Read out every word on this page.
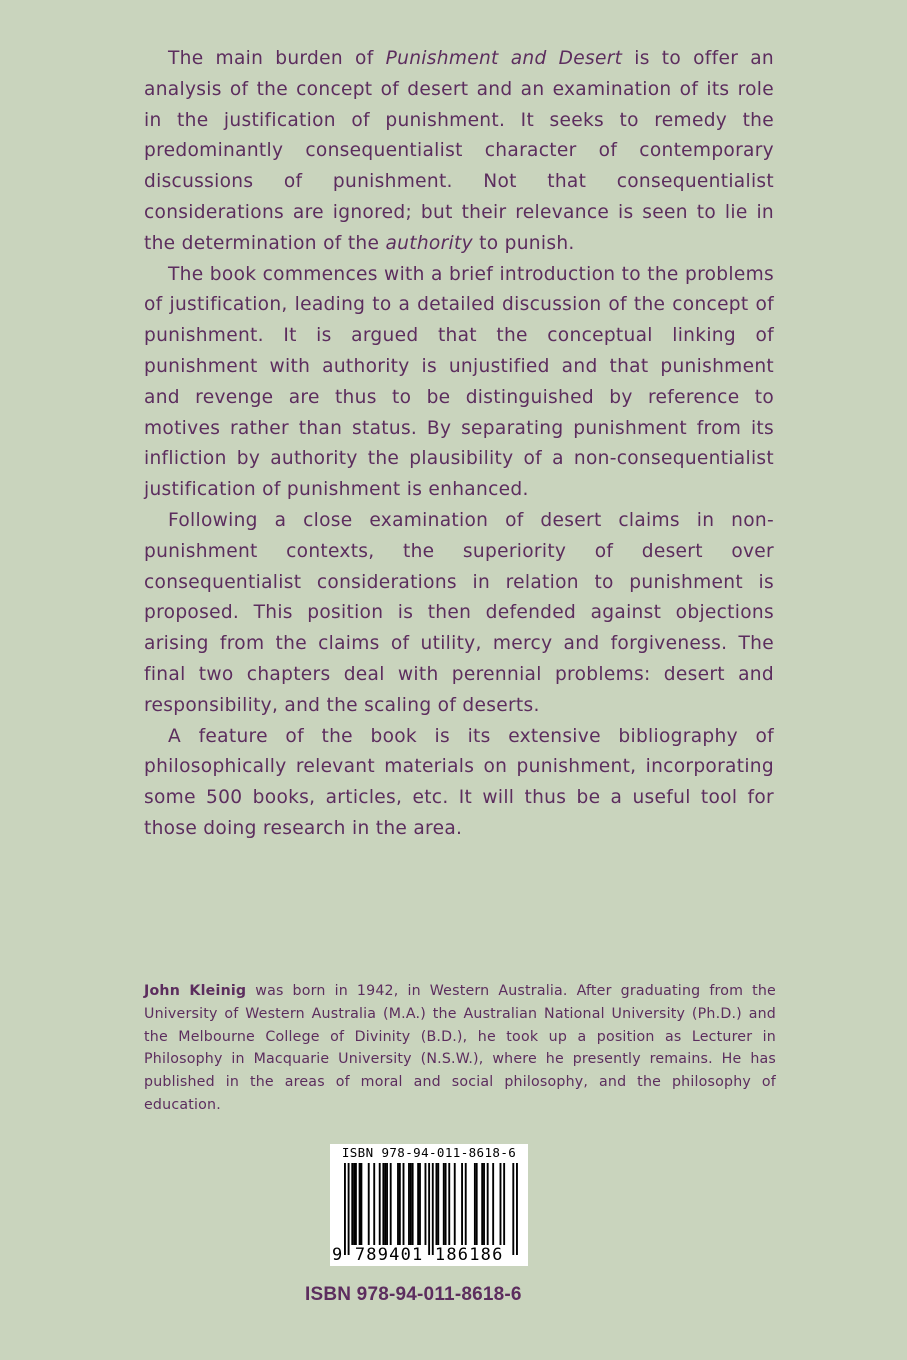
The main burden of Punishment and Desert is to offer an analysis of the concept of desert and an examination of its role in the justification of punishment. It seeks to remedy the predominantly consequentialist character of contemporary discussions of punishment. Not that consequentialist considerations are ignored; but their relevance is seen to lie in the determination of the authority to punish.

The book commences with a brief introduction to the problems of justification, leading to a detailed discussion of the concept of punishment. It is argued that the conceptual linking of punishment with authority is unjustified and that punishment and revenge are thus to be distinguished by reference to motives rather than status. By separating punishment from its infliction by authority the plausibility of a non-consequentialist justification of punishment is enhanced.

Following a close examination of desert claims in non-punishment contexts, the superiority of desert over consequentialist considerations in relation to punishment is proposed. This position is then defended against objections arising from the claims of utility, mercy and forgiveness. The final two chapters deal with perennial problems: desert and responsibility, and the scaling of deserts.

A feature of the book is its extensive bibliography of philosophically relevant materials on punishment, incorporating some 500 books, articles, etc. It will thus be a useful tool for those doing research in the area.

John Kleinig was born in 1942, in Western Australia. After graduating from the University of Western Australia (M.A.) the Australian National University (Ph.D.) and the Melbourne College of Divinity (B.D.), he took up a position as Lecturer in Philosophy in Macquarie University (N.S.W.), where he presently remains. He has published in the areas of moral and social philosophy, and the philosophy of education.

ISBN 978-94-011-8618-6
9 789401 186186
ISBN 978-94-011-8618-6
